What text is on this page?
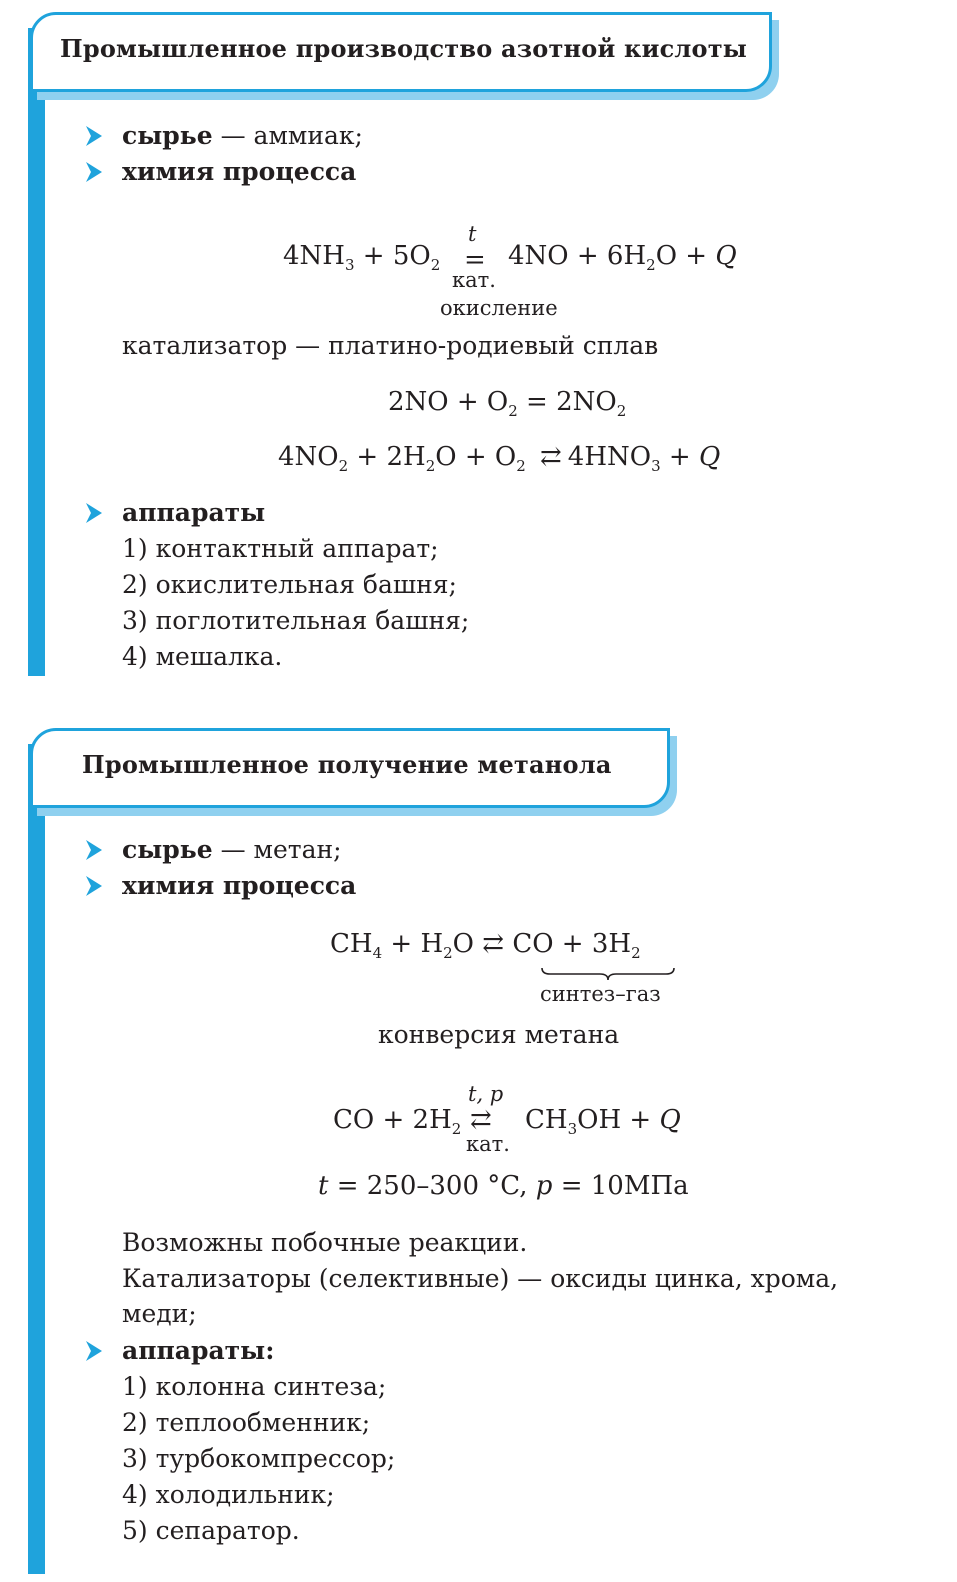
Промышленное производство азотной кислоты
сырье — аммиак;
химия процесса
$4NH_3 + 5O_2$
t
=
кат.
$4NO + 6H_2O + Q$
окисление
катализатор — платино-родиевый сплав
$2NO + O_2 = 2NO_2$
$4NO_2 + 2H_2O + O_2$ ⇄ $4HNO_3 + Q$
аппараты
1) контактный аппарат;
2) окислительная башня;
3) поглотительная башня;
4) мешалка.
Промышленное получение метанола
сырье — метан;
химия процесса
$CH_4 + H_2O$ ⇄ CO + $3H_2$
синтез–газ
конверсия метана
t, p
CO + $2H_2$ ⇄
кат.
$CH_3OH + Q$
t = 250–300 °C, p = 10МПа
Возможны побочные реакции.
Катализаторы (селективные) — оксиды цинка, хрома,
меди;
аппараты:
1) колонна синтеза;
2) теплообменник;
3) турбокомпрессор;
4) холодильник;
5) сепаратор.
